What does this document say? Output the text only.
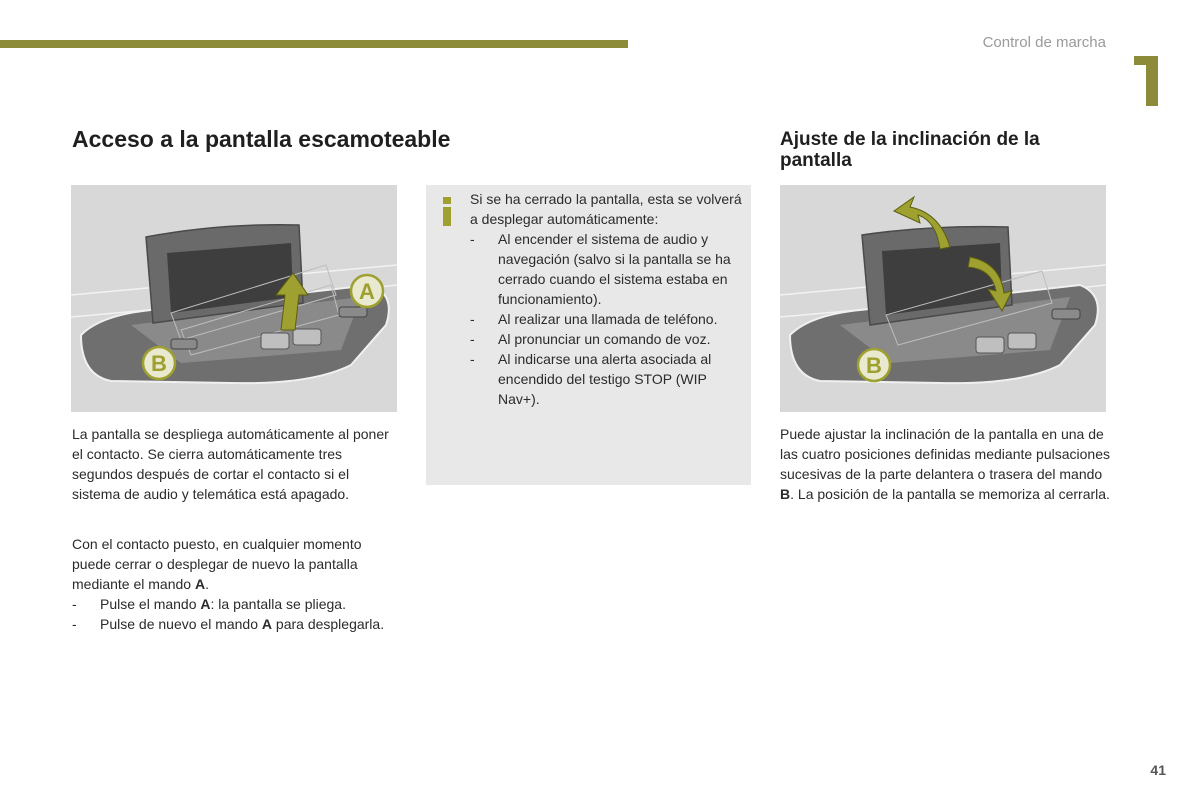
Control de marcha
Acceso a la pantalla escamoteable
A
B

La pantalla se despliega automáticamente al poner el contacto. Se cierra automáticamente tres segundos después de cortar el contacto si el sistema de audio y telemática está apagado.

Con el contacto puesto, en cualquier momento puede cerrar o desplegar de nuevo la pantalla mediante el mando A.

- Pulse el mando A: la pantalla se pliega.
- Pulse de nuevo el mando A para desplegarla.

Si se ha cerrado la pantalla, esta se volverá a desplegar automáticamente:

- Al encender el sistema de audio y navegación (salvo si la pantalla se ha cerrado cuando el sistema estaba en funcionamiento).
- Al realizar una llamada de teléfono.
- Al pronunciar un comando de voz.
- Al indicarse una alerta asociada al encendido del testigo STOP (WIP Nav+).
Ajuste de la inclinación de la pantalla
B

Puede ajustar la inclinación de la pantalla en una de las cuatro posiciones definidas mediante pulsaciones sucesivas de la parte delantera o trasera del mando B. La posición de la pantalla se memoriza al cerrarla.

41
